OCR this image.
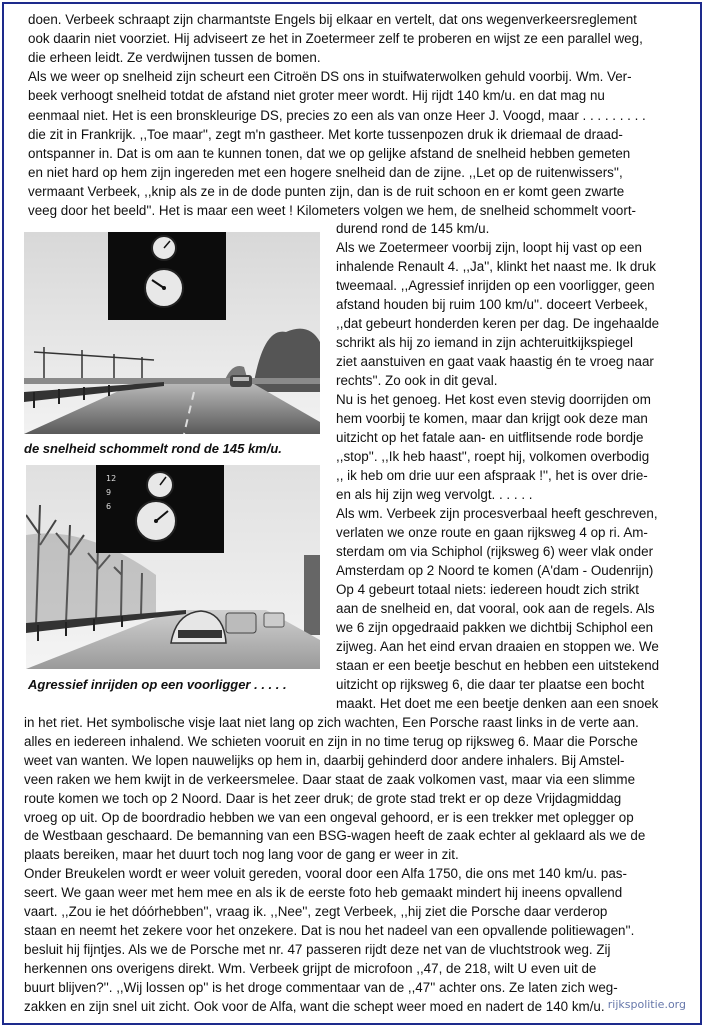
doen. Verbeek schraapt zijn charmantste Engels bij elkaar en vertelt, dat ons wegenverkeersreglement

ook daarin niet voorziet. Hij adviseert ze het in Zoetermeer zelf te proberen en wijst ze een parallel weg,

die erheen leidt. Ze verdwijnen tussen de bomen.

Als we weer op snelheid zijn scheurt een Citroën DS ons in stuifwaterwolken gehuld voorbij. Wm. Ver-

beek verhoogt snelheid totdat de afstand niet groter meer wordt. Hij rijdt 140 km/u. en dat mag nu

eenmaal niet. Het is een bronskleurige DS, precies zo een als van onze Heer J. Voogd, maar . . . . . . . . .

die zit in Frankrijk. ,,Toe maar'', zegt m'n gastheer. Met korte tussenpozen druk ik driemaal de draad-

ontspanner in. Dat is om aan te kunnen tonen, dat we op gelijke afstand de snelheid hebben gemeten

en niet hard op hem zijn ingereden met een hogere snelheid dan de zijne. ,,Let op de ruitenwissers'',

vermaant Verbeek, ,,knip als ze in de dode punten zijn, dan is de ruit schoon en er komt geen zwarte

veeg door het beeld''. Het is maar een weet ! Kilometers volgen we hem, de snelheid schommelt voort-

de snelheid schommelt rond de 145 km/u.
12
9
6
Agressief inrijden op een voorligger . . . . .

durend rond de 145 km/u.

Als we Zoetermeer voorbij zijn, loopt hij vast op een

inhalende Renault 4. ,,Ja'', klinkt het naast me. Ik druk

tweemaal. ,,Agressief inrijden op een voorligger, geen

afstand houden bij ruim 100 km/u''. doceert Verbeek,

,,dat gebeurt honderden keren per dag. De ingehaalde

schrikt als hij zo iemand in zijn achteruitkijkspiegel

ziet aanstuiven en gaat vaak haastig én te vroeg naar

rechts''. Zo ook in dit geval.

Nu is het genoeg. Het kost even stevig doorrijden om

hem voorbij te komen, maar dan krijgt ook deze man

uitzicht op het fatale aan- en uitflitsende rode bordje

,,stop''. ,,Ik heb haast'', roept hij, volkomen overbodig

,, ik heb om drie uur een afspraak !'', het is over drie-

en als hij zijn weg vervolgt. . . . . .

Als wm. Verbeek zijn procesverbaal heeft geschreven,

verlaten we onze route en gaan rijksweg 4 op ri. Am-

sterdam om via Schiphol (rijksweg 6) weer vlak onder

Amsterdam op 2 Noord te komen (A'dam - Oudenrijn)

Op 4 gebeurt totaal niets: iedereen houdt zich strikt

aan de snelheid en, dat vooral, ook aan de regels. Als

we 6 zijn opgedraaid pakken we dichtbij Schiphol een

zijweg. Aan het eind ervan draaien en stoppen we. We

staan er een beetje beschut en hebben een uitstekend

uitzicht op rijksweg 6, die daar ter plaatse een bocht

maakt. Het doet me een beetje denken aan een snoek

in het riet. Het symbolische visje laat niet lang op zich wachten, Een Porsche raast links in de verte aan.

alles en iedereen inhalend. We schieten vooruit en zijn in no time terug op rijksweg 6. Maar die Porsche

weet van wanten. We lopen nauwelijks op hem in, daarbij gehinderd door andere inhalers. Bij Amstel-

veen raken we hem kwijt in de verkeersmelee. Daar staat de zaak volkomen vast, maar via een slimme

route komen we toch op 2 Noord. Daar is het zeer druk; de grote stad trekt er op deze Vrijdagmiddag

vroeg op uit. Op de boordradio hebben we van een ongeval gehoord, er is een trekker met oplegger op

de Westbaan geschaard. De bemanning van een BSG-wagen heeft de zaak echter al geklaard als we de

plaats bereiken, maar het duurt toch nog lang voor de gang er weer in zit.

Onder Breukelen wordt er weer voluit gereden, vooral door een Alfa 1750, die ons met 140 km/u. pas-

seert. We gaan weer met hem mee en als ik de eerste foto heb gemaakt mindert hij ineens opvallend

vaart. ,,Zou ie het dóórhebben'', vraag ik. ,,Nee'', zegt Verbeek, ,,hij ziet die Porsche daar verderop

staan en neemt het zekere voor het onzekere. Dat is nou het nadeel van een opvallende politiewagen''.

besluit hij fijntjes. Als we de Porsche met nr. 47 passeren rijdt deze net van de vluchtstrook weg. Zij

herkennen ons overigens direkt. Wm. Verbeek grijpt de microfoon ,,47, de 218, wilt U even uit de

buurt blijven?''. ,,Wij lossen op'' is het droge commentaar van de ,,47'' achter ons. Ze laten zich weg-

zakken en zijn snel uit zicht. Ook voor de Alfa, want die schept weer moed en nadert de 140 km/u. rijkspolitie.org
